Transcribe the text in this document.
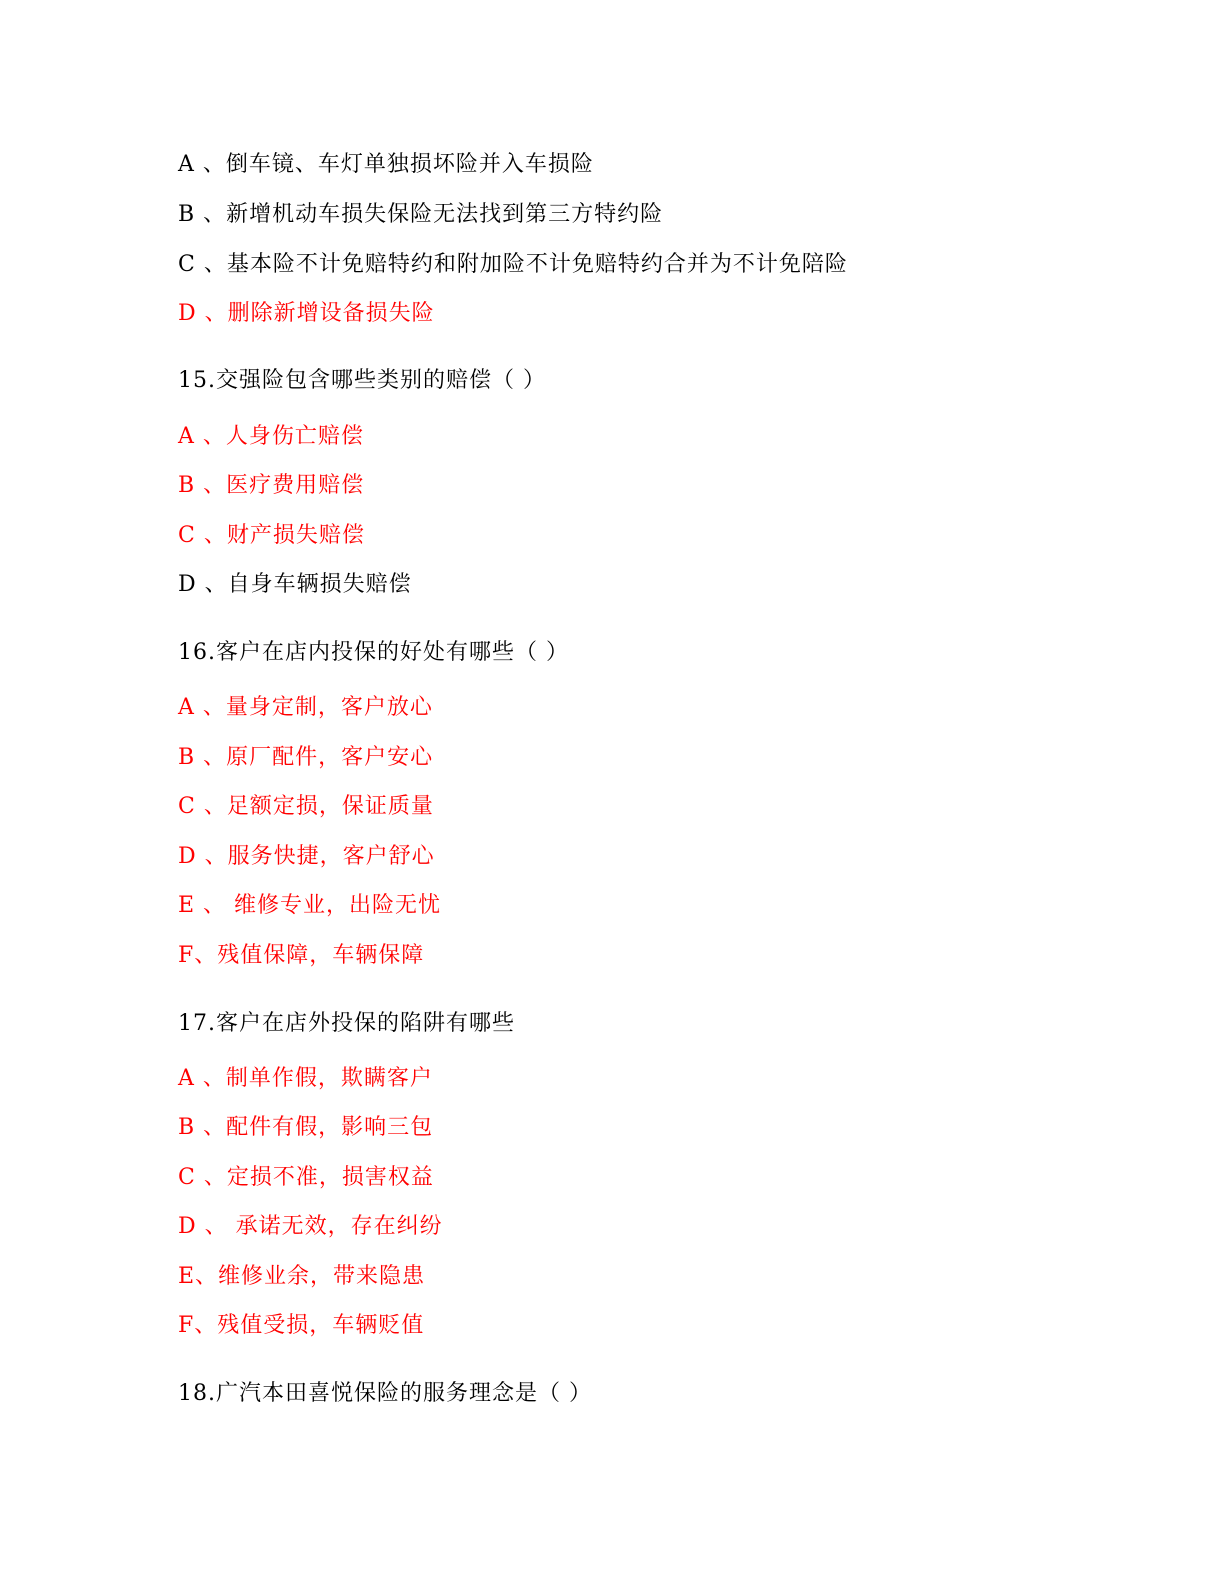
A 、倒车镜、车灯单独损坏险并入车损险
B 、新增机动车损失保险无法找到第三方特约险
C 、基本险不计免赔特约和附加险不计免赔特约合并为不计免陪险
D 、删除新增设备损失险
15.交强险包含哪些类别的赔偿（ ）
A 、人身伤亡赔偿
B 、医疗费用赔偿
C 、财产损失赔偿
D 、自身车辆损失赔偿
16.客户在店内投保的好处有哪些（ ）
A 、量身定制，客户放心
B 、原厂配件，客户安心
C 、足额定损，保证质量
D 、服务快捷，客户舒心
E 、 维修专业，出险无忧
F、残值保障，车辆保障
17.客户在店外投保的陷阱有哪些
A 、制单作假，欺瞒客户
B 、配件有假，影响三包
C 、定损不准，损害权益
D 、 承诺无效，存在纠纷
E、维修业余，带来隐患
F、残值受损，车辆贬值
18.广汽本田喜悦保险的服务理念是（ ）
